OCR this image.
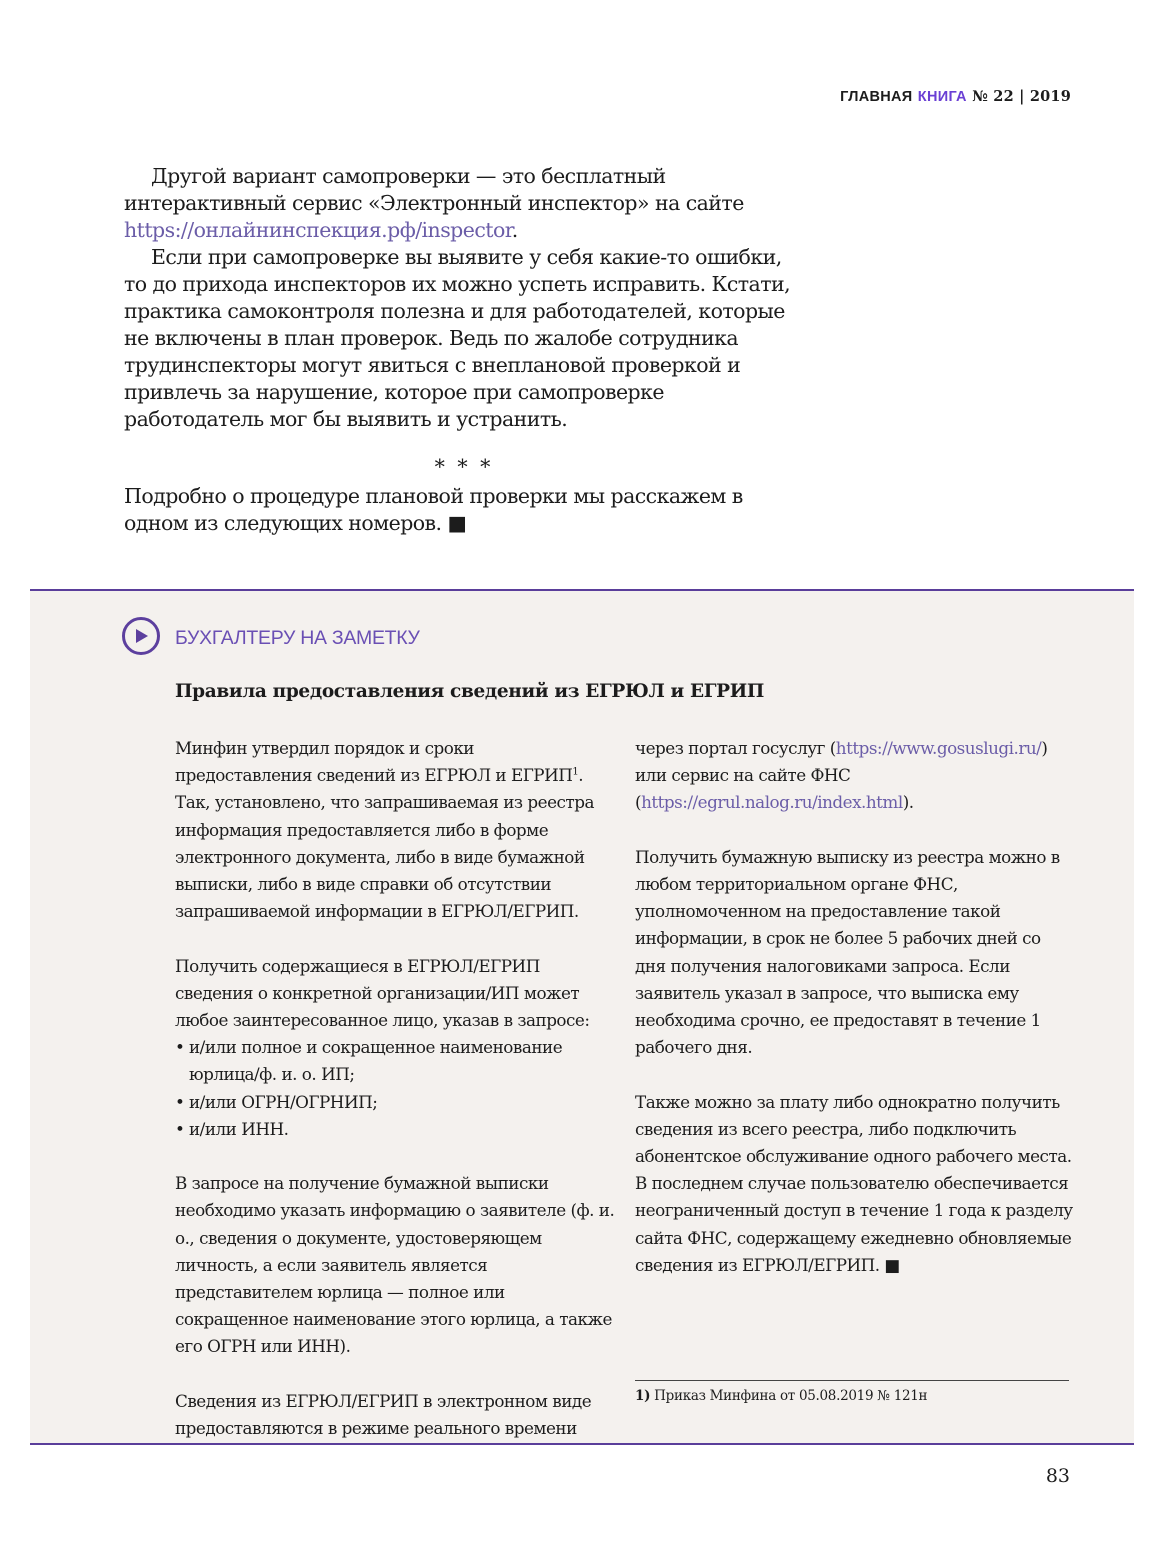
ГЛАВНАЯ КНИГА № 22 | 2019

Другой вариант самопроверки — это бесплатный интерактивный сервис «Электронный инспектор» на сайте https://онлайнинспекция.рф/inspector.

Если при самопроверке вы выявите у себя какие-то ошибки, то до прихода инспекторов их можно успеть исправить. Кстати, практика самоконтроля полезна и для работодателей, которые не включены в план проверок. Ведь по жалобе сотрудника трудинспекторы могут явиться с внеплановой проверкой и привлечь за нарушение, которое при самопроверке работодатель мог бы выявить и устранить.

* * *

Подробно о процедуре плановой проверки мы расскажем в одном из следующих номеров. ■

БУХГАЛТЕРУ НА ЗАМЕТКУ
Правила предоставления сведений из ЕГРЮЛ и ЕГРИП

Минфин утвердил порядок и сроки предоставления сведений из ЕГРЮЛ и ЕГРИП$^1$. Так, установлено, что запрашиваемая из реестра информация предоставляется либо в форме электронного документа, либо в виде бумажной выписки, либо в виде справки об отсутствии запрашиваемой информации в ЕГРЮЛ/ЕГРИП.

Получить содержащиеся в ЕГРЮЛ/ЕГРИП сведения о конкретной организации/ИП может любое заинтересованное лицо, указав в запросе:

• и/или полное и сокращенное наименование юрлица/ф. и. о. ИП;
• и/или ОГРН/ОГРНИП;
• и/или ИНН.

В запросе на получение бумажной выписки необходимо указать информацию о заявителе (ф. и. о., сведения о документе, удостоверяющем личность, а если заявитель является представителем юрлица — полное или сокращенное наименование этого юрлица, а также его ОГРН или ИНН).

Сведения из ЕГРЮЛ/ЕГРИП в электронном виде предоставляются в режиме реального времени

через портал госуслуг (https://www.gosuslugi.ru/) или сервис на сайте ФНС (https://egrul.nalog.ru/index.html).

Получить бумажную выписку из реестра можно в любом территориальном органе ФНС, уполномоченном на предоставление такой информации, в срок не более 5 рабочих дней со дня получения налоговиками запроса. Если заявитель указал в запросе, что выписка ему необходима срочно, ее предоставят в течение 1 рабочего дня.

Также можно за плату либо однократно получить сведения из всего реестра, либо подключить абонентское обслуживание одного рабочего места. В последнем случае пользователю обеспечивается неограниченный доступ в течение 1 года к разделу сайта ФНС, содержащему ежедневно обновляемые сведения из ЕГРЮЛ/ЕГРИП. ■

1) Приказ Минфина от 05.08.2019 № 121н
83
